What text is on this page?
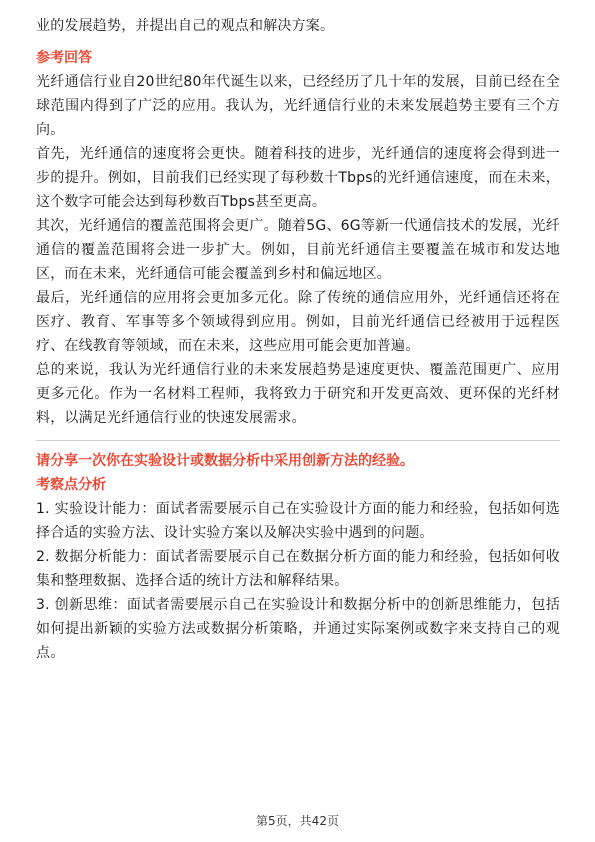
业的发展趋势，并提出自己的观点和解决方案。

参考回答

光纤通信行业自20世纪80年代诞生以来，已经经历了几十年的发展，目前已经在全球范围内得到了广泛的应用。我认为，光纤通信行业的未来发展趋势主要有三个方向。

首先，光纤通信的速度将会更快。随着科技的进步，光纤通信的速度将会得到进一步的提升。例如，目前我们已经实现了每秒数十Tbps的光纤通信速度，而在未来，这个数字可能会达到每秒数百Tbps甚至更高。

其次，光纤通信的覆盖范围将会更广。随着5G、6G等新一代通信技术的发展，光纤通信的覆盖范围将会进一步扩大。例如，目前光纤通信主要覆盖在城市和发达地区，而在未来，光纤通信可能会覆盖到乡村和偏远地区。

最后，光纤通信的应用将会更加多元化。除了传统的通信应用外，光纤通信还将在医疗、教育、军事等多个领域得到应用。例如，目前光纤通信已经被用于远程医疗、在线教育等领域，而在未来，这些应用可能会更加普遍。

总的来说，我认为光纤通信行业的未来发展趋势是速度更快、覆盖范围更广、应用更多元化。作为一名材料工程师，我将致力于研究和开发更高效、更环保的光纤材料，以满足光纤通信行业的快速发展需求。

请分享一次你在实验设计或数据分析中采用创新方法的经验。

考察点分析

1. 实验设计能力：面试者需要展示自己在实验设计方面的能力和经验，包括如何选择合适的实验方法、设计实验方案以及解决实验中遇到的问题。

2. 数据分析能力：面试者需要展示自己在数据分析方面的能力和经验，包括如何收集和整理数据、选择合适的统计方法和解释结果。

3. 创新思维：面试者需要展示自己在实验设计和数据分析中的创新思维能力，包括如何提出新颖的实验方法或数据分析策略，并通过实际案例或数字来支持自己的观点。

第5页，共42页
